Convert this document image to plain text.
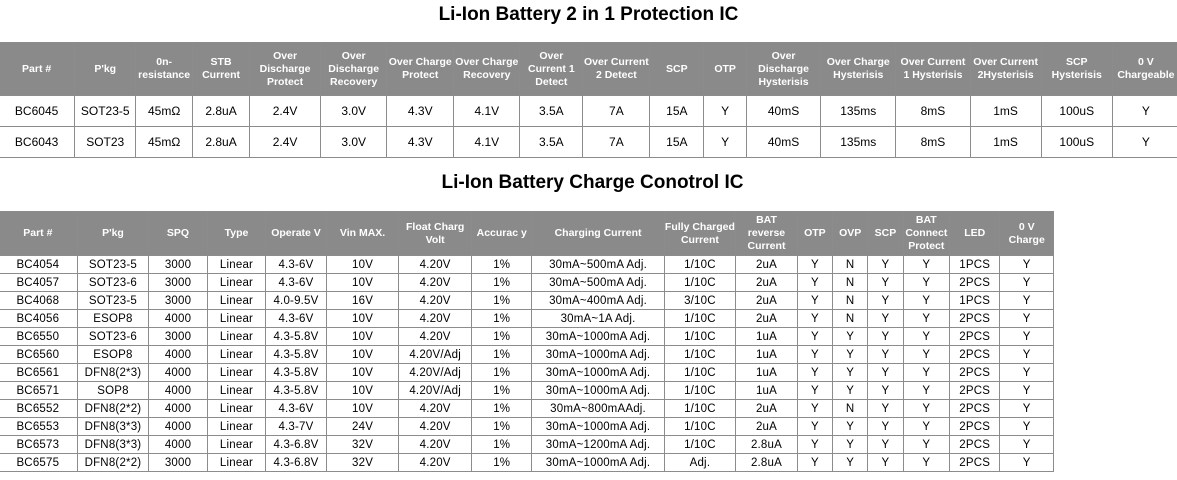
Li-Ion Battery 2 in 1 Protection IC
Part #	P'kg	0n-resistance	STB Current	Over Discharge Protect	Over Discharge Recovery	Over Charge Protect	Over Charge Recovery	Over Current 1 Detect	Over Current 2 Detect	SCP	OTP	Over Discharge Hysterisis	Over Charge Hysterisis	Over Current 1 Hysterisis	Over Current 2Hysterisis	SCP Hysterisis	0 V Chargeable
BC6045	SOT23-5	45mΩ	2.8uA	2.4V	3.0V	4.3V	4.1V	3.5A	7A	15A	Y	40mS	135ms	8mS	1mS	100uS	Y
BC6043	SOT23	45mΩ	2.8uA	2.4V	3.0V	4.3V	4.1V	3.5A	7A	15A	Y	40mS	135ms	8mS	1mS	100uS	Y
Li-Ion Battery Charge Conotrol IC
Part #	P'kg	SPQ	Type	Operate V	Vin MAX.	Float Charg Volt	Accurac y	Charging Current	Fully Charged Current	BAT reverse Current	OTP	OVP	SCP	BAT Connect Protect	LED	0 V Charge
BC4054	SOT23-5	3000	Linear	4.3-6V	10V	4.20V	1%	30mA~500mA Adj.	1/10C	2uA	Y	N	Y	Y	1PCS	Y
BC4057	SOT23-6	3000	Linear	4.3-6V	10V	4.20V	1%	30mA~500mA Adj.	1/10C	2uA	Y	N	Y	Y	2PCS	Y
BC4068	SOT23-5	3000	Linear	4.0-9.5V	16V	4.20V	1%	30mA~400mA Adj.	3/10C	2uA	Y	N	Y	Y	1PCS	Y
BC4056	ESOP8	4000	Linear	4.3-6V	10V	4.20V	1%	30mA~1A Adj.	1/10C	2uA	Y	N	Y	Y	2PCS	Y
BC6550	SOT23-6	3000	Linear	4.3-5.8V	10V	4.20V	1%	30mA~1000mA Adj.	1/10C	1uA	Y	Y	Y	Y	2PCS	Y
BC6560	ESOP8	4000	Linear	4.3-5.8V	10V	4.20V/Adj	1%	30mA~1000mA Adj.	1/10C	1uA	Y	Y	Y	Y	2PCS	Y
BC6561	DFN8(2*3)	4000	Linear	4.3-5.8V	10V	4.20V/Adj	1%	30mA~1000mA Adj.	1/10C	1uA	Y	Y	Y	Y	2PCS	Y
BC6571	SOP8	4000	Linear	4.3-5.8V	10V	4.20V/Adj	1%	30mA~1000mA Adj.	1/10C	1uA	Y	Y	Y	Y	2PCS	Y
BC6552	DFN8(2*2)	4000	Linear	4.3-6V	10V	4.20V	1%	30mA~800mAAdj.	1/10C	2uA	Y	N	Y	Y	2PCS	Y
BC6553	DFN8(3*3)	4000	Linear	4.3-7V	24V	4.20V	1%	30mA~1000mA Adj.	1/10C	2uA	Y	Y	Y	Y	2PCS	Y
BC6573	DFN8(3*3)	4000	Linear	4.3-6.8V	32V	4.20V	1%	30mA~1200mA Adj.	1/10C	2.8uA	Y	Y	Y	Y	2PCS	Y
BC6575	DFN8(2*2)	3000	Linear	4.3-6.8V	32V	4.20V	1%	30mA~1000mA Adj.	Adj.	2.8uA	Y	Y	Y	Y	2PCS	Y
